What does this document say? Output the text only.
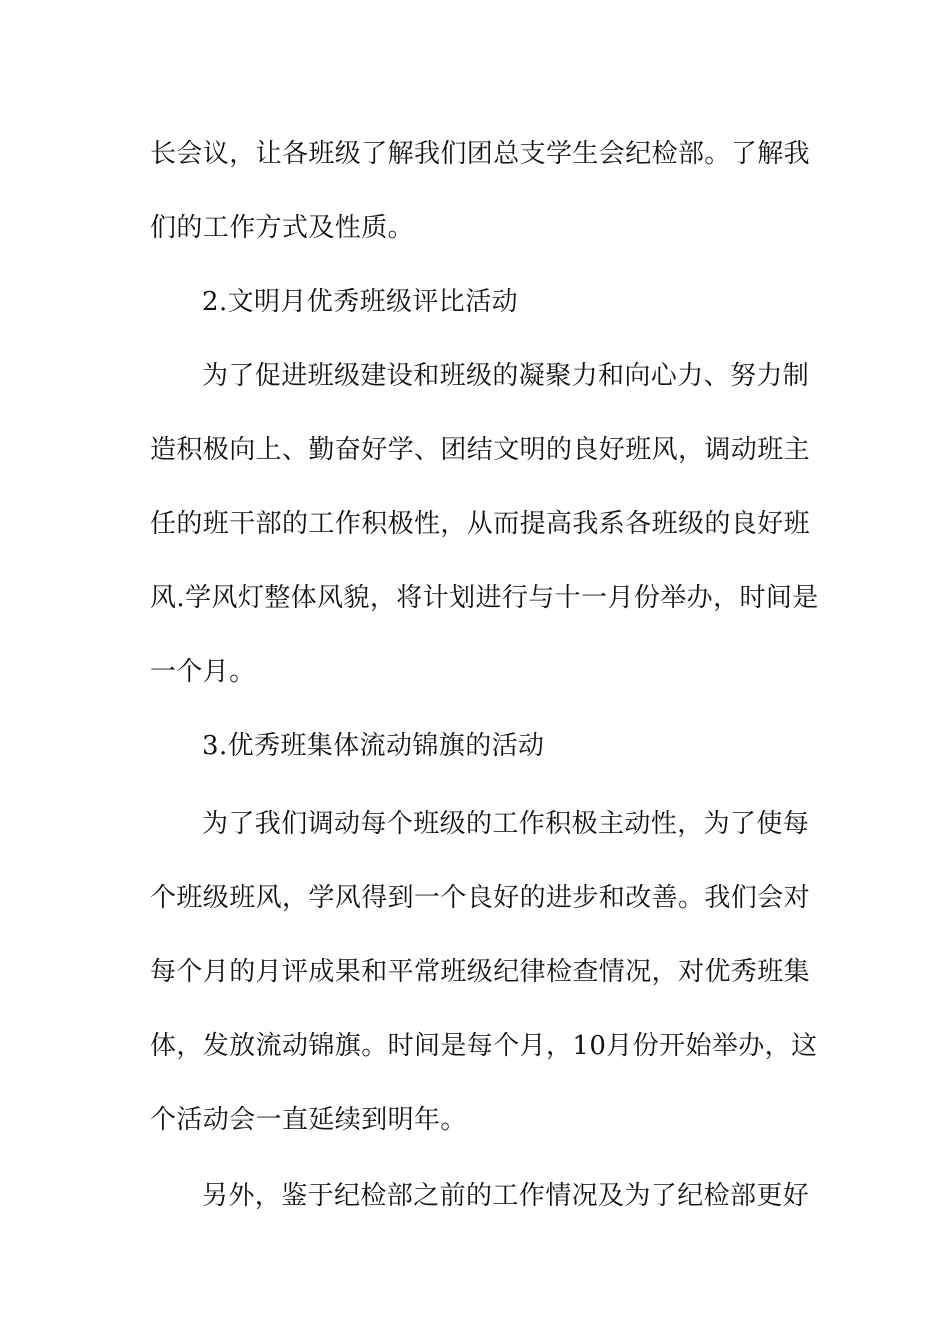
长会议，让各班级了解我们团总支学生会纪检部。了解我

们的工作方式及性质。

2.文明月优秀班级评比活动

为了促进班级建设和班级的凝聚力和向心力、努力制

造积极向上、勤奋好学、团结文明的良好班风，调动班主

任的班干部的工作积极性，从而提高我系各班级的良好班

风.学风灯整体风貌，将计划进行与十一月份举办，时间是

一个月。

3.优秀班集体流动锦旗的活动

为了我们调动每个班级的工作积极主动性，为了使每

个班级班风，学风得到一个良好的进步和改善。我们会对

每个月的月评成果和平常班级纪律检查情况，对优秀班集

体，发放流动锦旗。时间是每个月，10月份开始举办，这

个活动会一直延续到明年。

另外，鉴于纪检部之前的工作情况及为了纪检部更好
